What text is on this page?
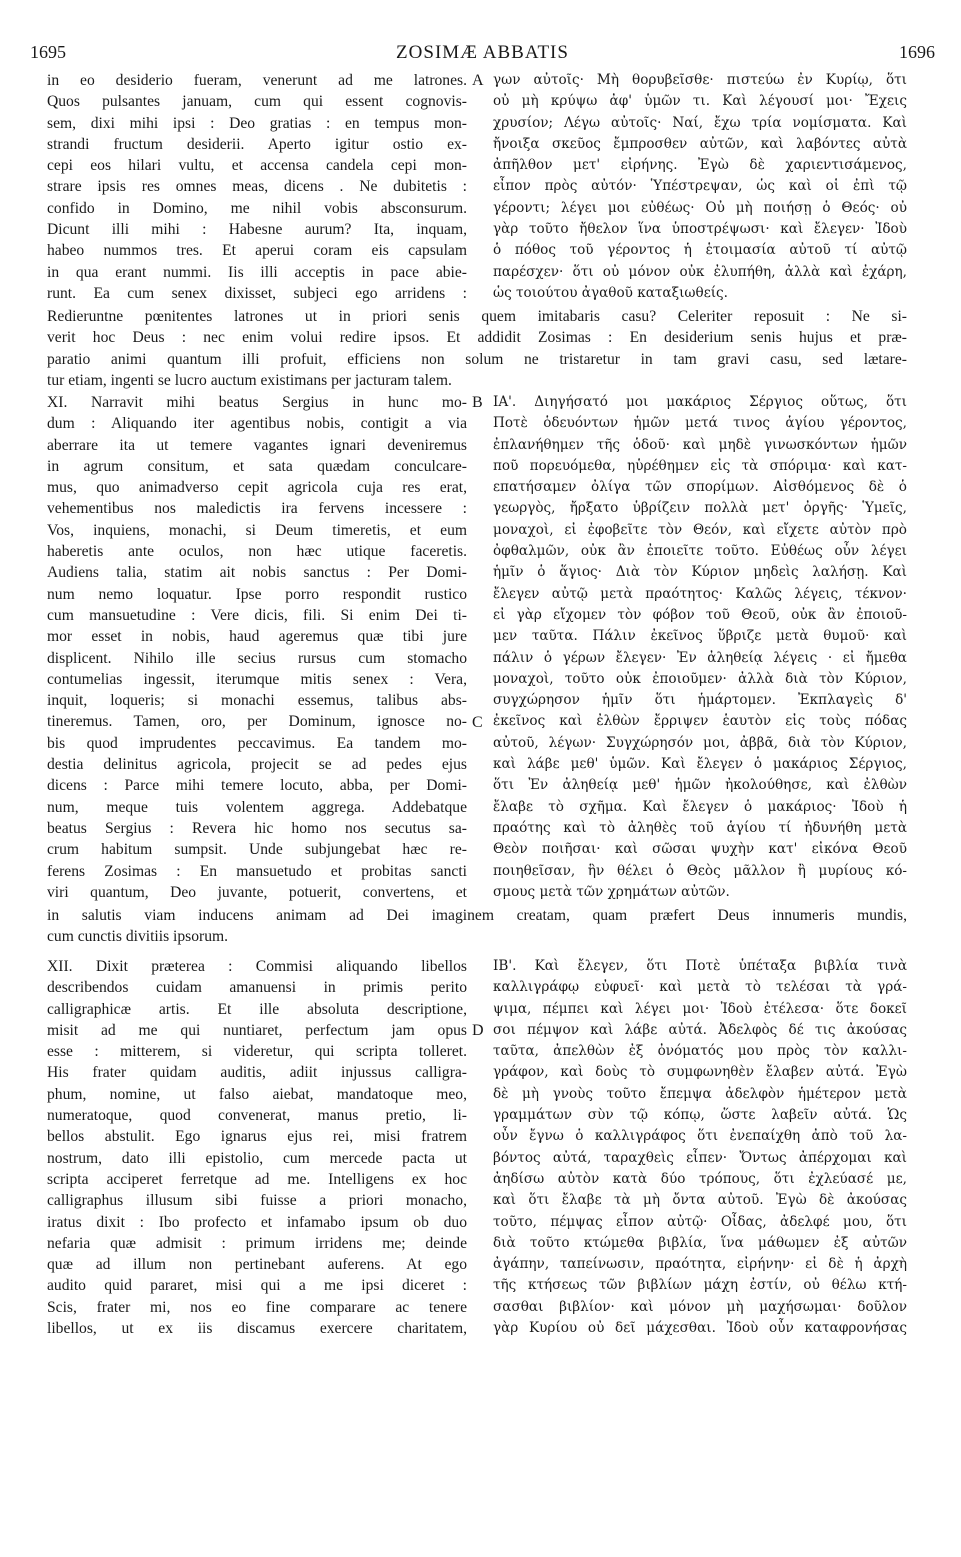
1695	ZOSIMÆ ABBATIS	1696
in eo desiderio fueram, venerunt ad me latrones.
Quos pulsantes januam, cum qui essent cognovis-
sem, dixi mihi ipsi : Deo gratias : en tempus mon-
strandi fructum desiderii. Aperto igitur ostio ex-
cepi eos hilari vultu, et accensa candela cepi mon-
strare ipsis res omnes meas, dicens . Ne dubitetis :
confido in Domino, me nihil vobis absconsurum.
Dicunt illi mihi : Habesne aurum? Ita, inquam,
habeo nummos tres. Et aperui coram eis capsulam
in qua erant nummi. Iis illi acceptis in pace abie-
runt. Ea cum senex dixisset, subjeci ego arridens :
γων αὐτοῖς· Μὴ θορυβεῖσθε· πιστεύω ἐν Κυρίῳ, ὅτι
οὐ μὴ κρύψω ἀφ' ὑμῶν τι. Καὶ λέγουσί μοι· Ἔχεις
χρυσίον; Λέγω αὐτοῖς· Ναί, ἔχω τρία νομίσματα. Καὶ
ἤνοιξα σκεῦος ἔμπροσθεν αὐτῶν, καὶ λαβόντες αὐτὰ
ἀπῆλθον μετ' εἰρήνης. Ἐγὼ δὲ χαριεντισάμενος,
εἶπον πρὸς αὐτόν· Ὑπέστρεψαν, ὡς καὶ οἱ ἐπὶ τῷ
γέροντι; λέγει μοι εὐθέως· Οὐ μὴ ποιήσῃ ὁ Θεός· οὐ
γὰρ τοῦτο ἤθελον ἵνα ὑποστρέψωσι· καὶ ἔλεγεν· Ἰδοὺ
ὁ πόθος τοῦ γέροντος ἡ ἑτοιμασία αὐτοῦ τί αὐτῷ
παρέσχεν· ὅτι οὐ μόνον οὐκ ἐλυπήθη, ἀλλὰ καὶ ἐχάρη,
ὡς τοιούτου ἀγαθοῦ καταξιωθείς.
A
Redieruntne pœnitentes latrones ut in priori senis quem imitabaris casu? Celeriter reposuit : Ne si-
verit hoc Deus : nec enim volui redire ipsos. Et addidit Zosimas : En desiderium senis hujus et præ-
paratio animi quantum illi profuit, efficiens non solum ne tristaretur in tam gravi casu, sed lætare-
tur etiam, ingenti se lucro auctum existimans per jacturam talem.
XI. Narravit mihi beatus Sergius in hunc mo-
dum : Aliquando iter agentibus nobis, contigit a via
aberrare ita ut temere vagantes ignari deveniremus
in agrum consitum, et sata quædam conculcare-
mus, quo animadverso cepit agricola cuja res erat,
vehementibus nos maledictis ira fervens incessere :
Vos, inquiens, monachi, si Deum timeretis, et eum
haberetis ante oculos, non hæc utique faceretis.
Audiens talia, statim ait nobis sanctus : Per Domi-
num nemo loquatur. Ipse porro respondit rustico
cum mansuetudine : Vere dicis, fili. Si enim Dei ti-
mor esset in nobis, haud ageremus quæ tibi jure
displicent. Nihilo ille secius rursus cum stomacho
contumelias ingessit, iterumque mitis senex : Vera,
inquit, loqueris; si monachi essemus, talibus abs-
tineremus. Tamen, oro, per Dominum, ignosce no-
bis quod imprudentes peccavimus. Ea tandem mo-
destia delinitus agricola, projecit se ad pedes ejus
dicens : Parce mihi temere locuto, abba, per Domi-
num, meque tuis volentem aggrega. Addebatque
beatus Sergius : Revera hic homo nos secutus sa-
crum habitum sumpsit. Unde subjungebat hæc re-
ferens Zosimas : En mansuetudo et probitas sancti
viri quantum, Deo juvante, potuerit, convertens, et
ΙΑ'. Διηγήσατό μοι μακάριος Σέργιος οὕτως, ὅτι
Ποτὲ ὁδευόντων ἡμῶν μετά τινος ἁγίου γέροντος,
ἐπλανήθημεν τῆς ὁδοῦ· καὶ μηδὲ γινωσκόντων ἡμῶν
ποῦ πορευόμεθα, ηὑρέθημεν εἰς τὰ σπόριμα· καὶ κατ-
επατήσαμεν ὀλίγα τῶν σπορίμων. Αἰσθόμενος δὲ ὁ
γεωργὸς, ἤρξατο ὑβρίζειν πολλὰ μετ' ὀργῆς· Ὑμεῖς,
μοναχοὶ, εἰ ἐφοβεῖτε τὸν Θεόν, καὶ εἴχετε αὐτὸν πρὸ
ὀφθαλμῶν, οὐκ ἂν ἐποιεῖτε τοῦτο. Εὐθέως οὖν λέγει
ἡμῖν ὁ ἅγιος· Διὰ τὸν Κύριον μηδεὶς λαλήσῃ. Καὶ
ἔλεγεν αὐτῷ μετὰ πραότητος· Καλῶς λέγεις, τέκνον·
εἰ γὰρ εἴχομεν τὸν φόβον τοῦ Θεοῦ, οὐκ ἂν ἐποιοῦ-
μεν ταῦτα. Πάλιν ἐκεῖνος ὕβριζε μετὰ θυμοῦ· καὶ
πάλιν ὁ γέρων ἔλεγεν· Ἐν ἀληθείᾳ λέγεις · εἰ ἤμεθα
μοναχοὶ, τοῦτο οὐκ ἐποιοῦμεν· ἀλλὰ διὰ τὸν Κύριον,
συγχώρησον ἡμῖν ὅτι ἡμάρτομεν. Ἐκπλαγεὶς δ'
ἐκεῖνος καὶ ἐλθὼν ἔρριψεν ἑαυτὸν εἰς τοὺς πόδας
αὐτοῦ, λέγων· Συγχώρησόν μοι, ἀββᾶ, διὰ τὸν Κύριον,
καὶ λάβε μεθ' ὑμῶν. Καὶ ἔλεγεν ὁ μακάριος Σέργιος,
ὅτι Ἐν ἀληθείᾳ μεθ' ἡμῶν ἠκολούθησε, καὶ ἐλθὼν
ἔλαβε τὸ σχῆμα. Καὶ ἔλεγεν ὁ μακάριος· Ἰδοὺ ἡ
πραότης καὶ τὸ ἀληθὲς τοῦ ἁγίου τί ἠδυνήθη μετὰ
Θεὸν ποιῆσαι· καὶ σῶσαι ψυχὴν κατ' εἰκόνα Θεοῦ
ποιηθεῖσαν, ἣν θέλει ὁ Θεὸς μᾶλλον ἢ μυρίους κό-
σμους μετὰ τῶν χρημάτων αὐτῶν.
B
C
in salutis viam inducens animam ad Dei imaginem creatam, quam præfert Deus innumeris mundis,
cum cunctis divitiis ipsorum.
XII. Dixit præterea : Commisi aliquando libellos
describendos cuidam amanuensi in primis perito
calligraphicæ artis. Et ille absoluta descriptione,
misit ad me qui nuntiaret, perfectum jam opus
esse : mitterem, si videretur, qui scripta tolleret.
His frater quidam auditis, adiit injussus calligra-
phum, nomine, ut falso aiebat, mandatoque meo,
numeratoque, quod convenerat, manus pretio, li-
bellos abstulit. Ego ignarus ejus rei, misi fratrem
nostrum, dato illi epistolio, cum mercede pacta ut
scripta acciperet ferretque ad me. Intelligens ex hoc
calligraphus illusum sibi fuisse a priori monacho,
iratus dixit : Ibo profecto et infamabo ipsum ob duo
nefaria quæ admisit : primum irridens me; deinde
quæ ad illum non pertinebant auferens. At ego
audito quid pararet, misi qui a me ipsi diceret :
Scis, frater mi, nos eo fine comparare ac tenere
libellos, ut ex iis discamus exercere charitatem,
ΙΒ'. Καὶ ἔλεγεν, ὅτι Ποτὲ ὑπέταξα βιβλία τινὰ
καλλιγράφῳ εὐφυεῖ· καὶ μετὰ τὸ τελέσαι τὰ γρά-
ψιμα, πέμπει καὶ λέγει μοι· Ἰδοὺ ἐτέλεσα· ὅτε δοκεῖ
σοι πέμψον καὶ λάβε αὐτά. Ἀδελφὸς δέ τις ἀκούσας
ταῦτα, ἀπελθὼν ἐξ ὀνόματός μου πρὸς τὸν καλλι-
γράφον, καὶ δοὺς τὸ συμφωνηθὲν ἔλαβεν αὐτά. Ἐγὼ
δὲ μὴ γνοὺς τοῦτο ἔπεμψα ἀδελφὸν ἡμέτερον μετὰ
γραμμάτων σὺν τῷ κόπῳ, ὥστε λαβεῖν αὐτά. Ὡς
οὖν ἔγνω ὁ καλλιγράφος ὅτι ἐνεπαίχθη ἀπὸ τοῦ λα-
βόντος αὐτά, ταραχθεὶς εἶπεν· Ὄντως ἀπέρχομαι καὶ
ἀηδίσω αὐτὸν κατὰ δύο τρόπους, ὅτι ἐχλεύασέ με,
καὶ ὅτι ἔλαβε τὰ μὴ ὄντα αὐτοῦ. Ἐγὼ δὲ ἀκούσας
τοῦτο, πέμψας εἶπον αὐτῷ· Οἶδας, ἀδελφέ μου, ὅτι
διὰ τοῦτο κτώμεθα βιβλία, ἵνα μάθωμεν ἐξ αὐτῶν
ἀγάπην, ταπείνωσιν, πραότητα, εἰρήνην· εἰ δὲ ἡ ἀρχὴ
τῆς κτήσεως τῶν βιβλίων μάχη ἐστίν, οὐ θέλω κτή-
σασθαι βιβλίον· καὶ μόνον μὴ μαχήσωμαι· δοῦλον
γὰρ Κυρίου οὐ δεῖ μάχεσθαι. Ἰδοὺ οὖν καταφρονήσας
D
